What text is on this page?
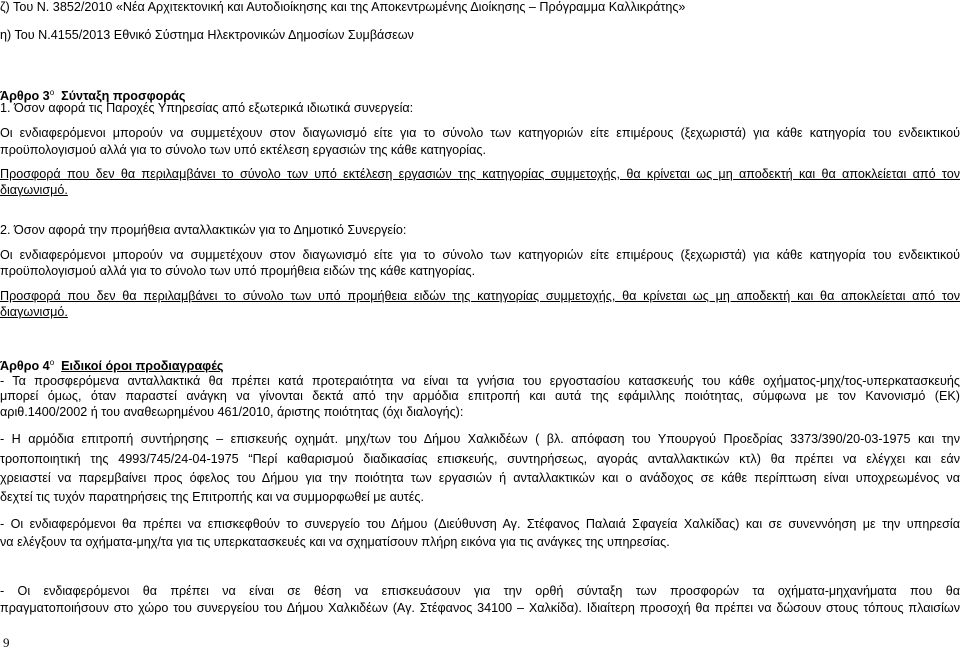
ζ) Του Ν. 3852/2010 «Νέα Αρχιτεκτονική και Αυτοδιοίκησης και της Αποκεντρωμένης Διοίκησης – Πρόγραμμα Καλλικράτης»
η) Του Ν.4155/2013 Εθνικό Σύστημα Ηλεκτρονικών Δημοσίων Συμβάσεων
Άρθρο $3^o$ Σύνταξη προσφοράς
1. Όσον αφορά τις Παροχές Υπηρεσίας από εξωτερικά ιδιωτικά συνεργεία:
Οι ενδιαφερόμενοι μπορούν να συμμετέχουν στον διαγωνισμό είτε για το σύνολο των κατηγοριών είτε επιμέρους (ξεχωριστά) για κάθε κατηγορία του ενδεικτικού
προϋπολογισμού αλλά για το σύνολο των υπό εκτέλεση εργασιών της κάθε κατηγορίας.
Προσφορά που δεν θα περιλαμβάνει το σύνολο των υπό εκτέλεση εργασιών της κατηγορίας συμμετοχής, θα κρίνεται ως μη αποδεκτή και θα αποκλείεται από τον
διαγωνισμό.
2. Όσον αφορά την προμήθεια ανταλλακτικών για το Δημοτικό Συνεργείο:
Οι ενδιαφερόμενοι μπορούν να συμμετέχουν στον διαγωνισμό είτε για το σύνολο των κατηγοριών είτε επιμέρους (ξεχωριστά) για κάθε κατηγορία του ενδεικτικού
προϋπολογισμού αλλά για το σύνολο των υπό προμήθεια ειδών της κάθε κατηγορίας.
Προσφορά που δεν θα περιλαμβάνει το σύνολο των υπό προμήθεια ειδών της κατηγορίας συμμετοχής, θα κρίνεται ως μη αποδεκτή και θα αποκλείεται από τον
διαγωνισμό.
Άρθρο $4^o$ Ειδικοί όροι προδιαγραφές
- Τα προσφερόμενα ανταλλακτικά θα πρέπει κατά προτεραιότητα να είναι τα γνήσια του εργοστασίου κατασκευής του κάθε οχήματος-μηχ/τος-υπερκατασκευής
μπορεί όμως, όταν παραστεί ανάγκη να γίνονται δεκτά από την αρμόδια επιτροπή και αυτά της εφάμιλλης ποιότητας, σύμφωνα με τον Κανονισμό (ΕΚ)
αριθ.1400/2002 ή του αναθεωρημένου 461/2010, άριστης ποιότητας (όχι διαλογής):
- Η αρμόδια επιτροπή συντήρησης – επισκευής οχημάτ. μηχ/των του Δήμου Χαλκιδέων ( βλ. απόφαση του Υπουργού Προεδρίας 3373/390/20-03-1975 και την
τροποποιητική της 4993/745/24-04-1975 “Περί καθαρισμού διαδικασίας επισκευής, συντηρήσεως, αγοράς ανταλλακτικών κτλ) θα πρέπει να ελέγχει και εάν
χρειαστεί να παρεμβαίνει προς όφελος του Δήμου για την ποιότητα των εργασιών ή ανταλλακτικών και ο ανάδοχος σε κάθε περίπτωση είναι υποχρεωμένος να
δεχτεί τις τυχόν παρατηρήσεις της Επιτροπής και να συμμορφωθεί με αυτές.
- Οι ενδιαφερόμενοι θα πρέπει να επισκεφθούν το συνεργείο του Δήμου (Διεύθυνση Αγ. Στέφανος Παλαιά Σφαγεία Χαλκίδας) και σε συνεννόηση με την υπηρεσία
να ελέγξουν τα οχήματα-μηχ/τα για τις υπερκατασκευές και να σχηματίσουν πλήρη εικόνα για τις ανάγκες της υπηρεσίας.
- Οι ενδιαφερόμενοι θα πρέπει να είναι σε θέση να επισκευάσουν για την ορθή σύνταξη των προσφορών τα οχήματα-μηχανήματα που θα
πραγματοποιήσουν στο χώρο του συνεργείου του Δήμου Χαλκιδέων (Αγ. Στέφανος 34100 – Χαλκίδα). Ιδιαίτερη προσοχή θα πρέπει να δώσουν στους τόπους πλαισίων
9
